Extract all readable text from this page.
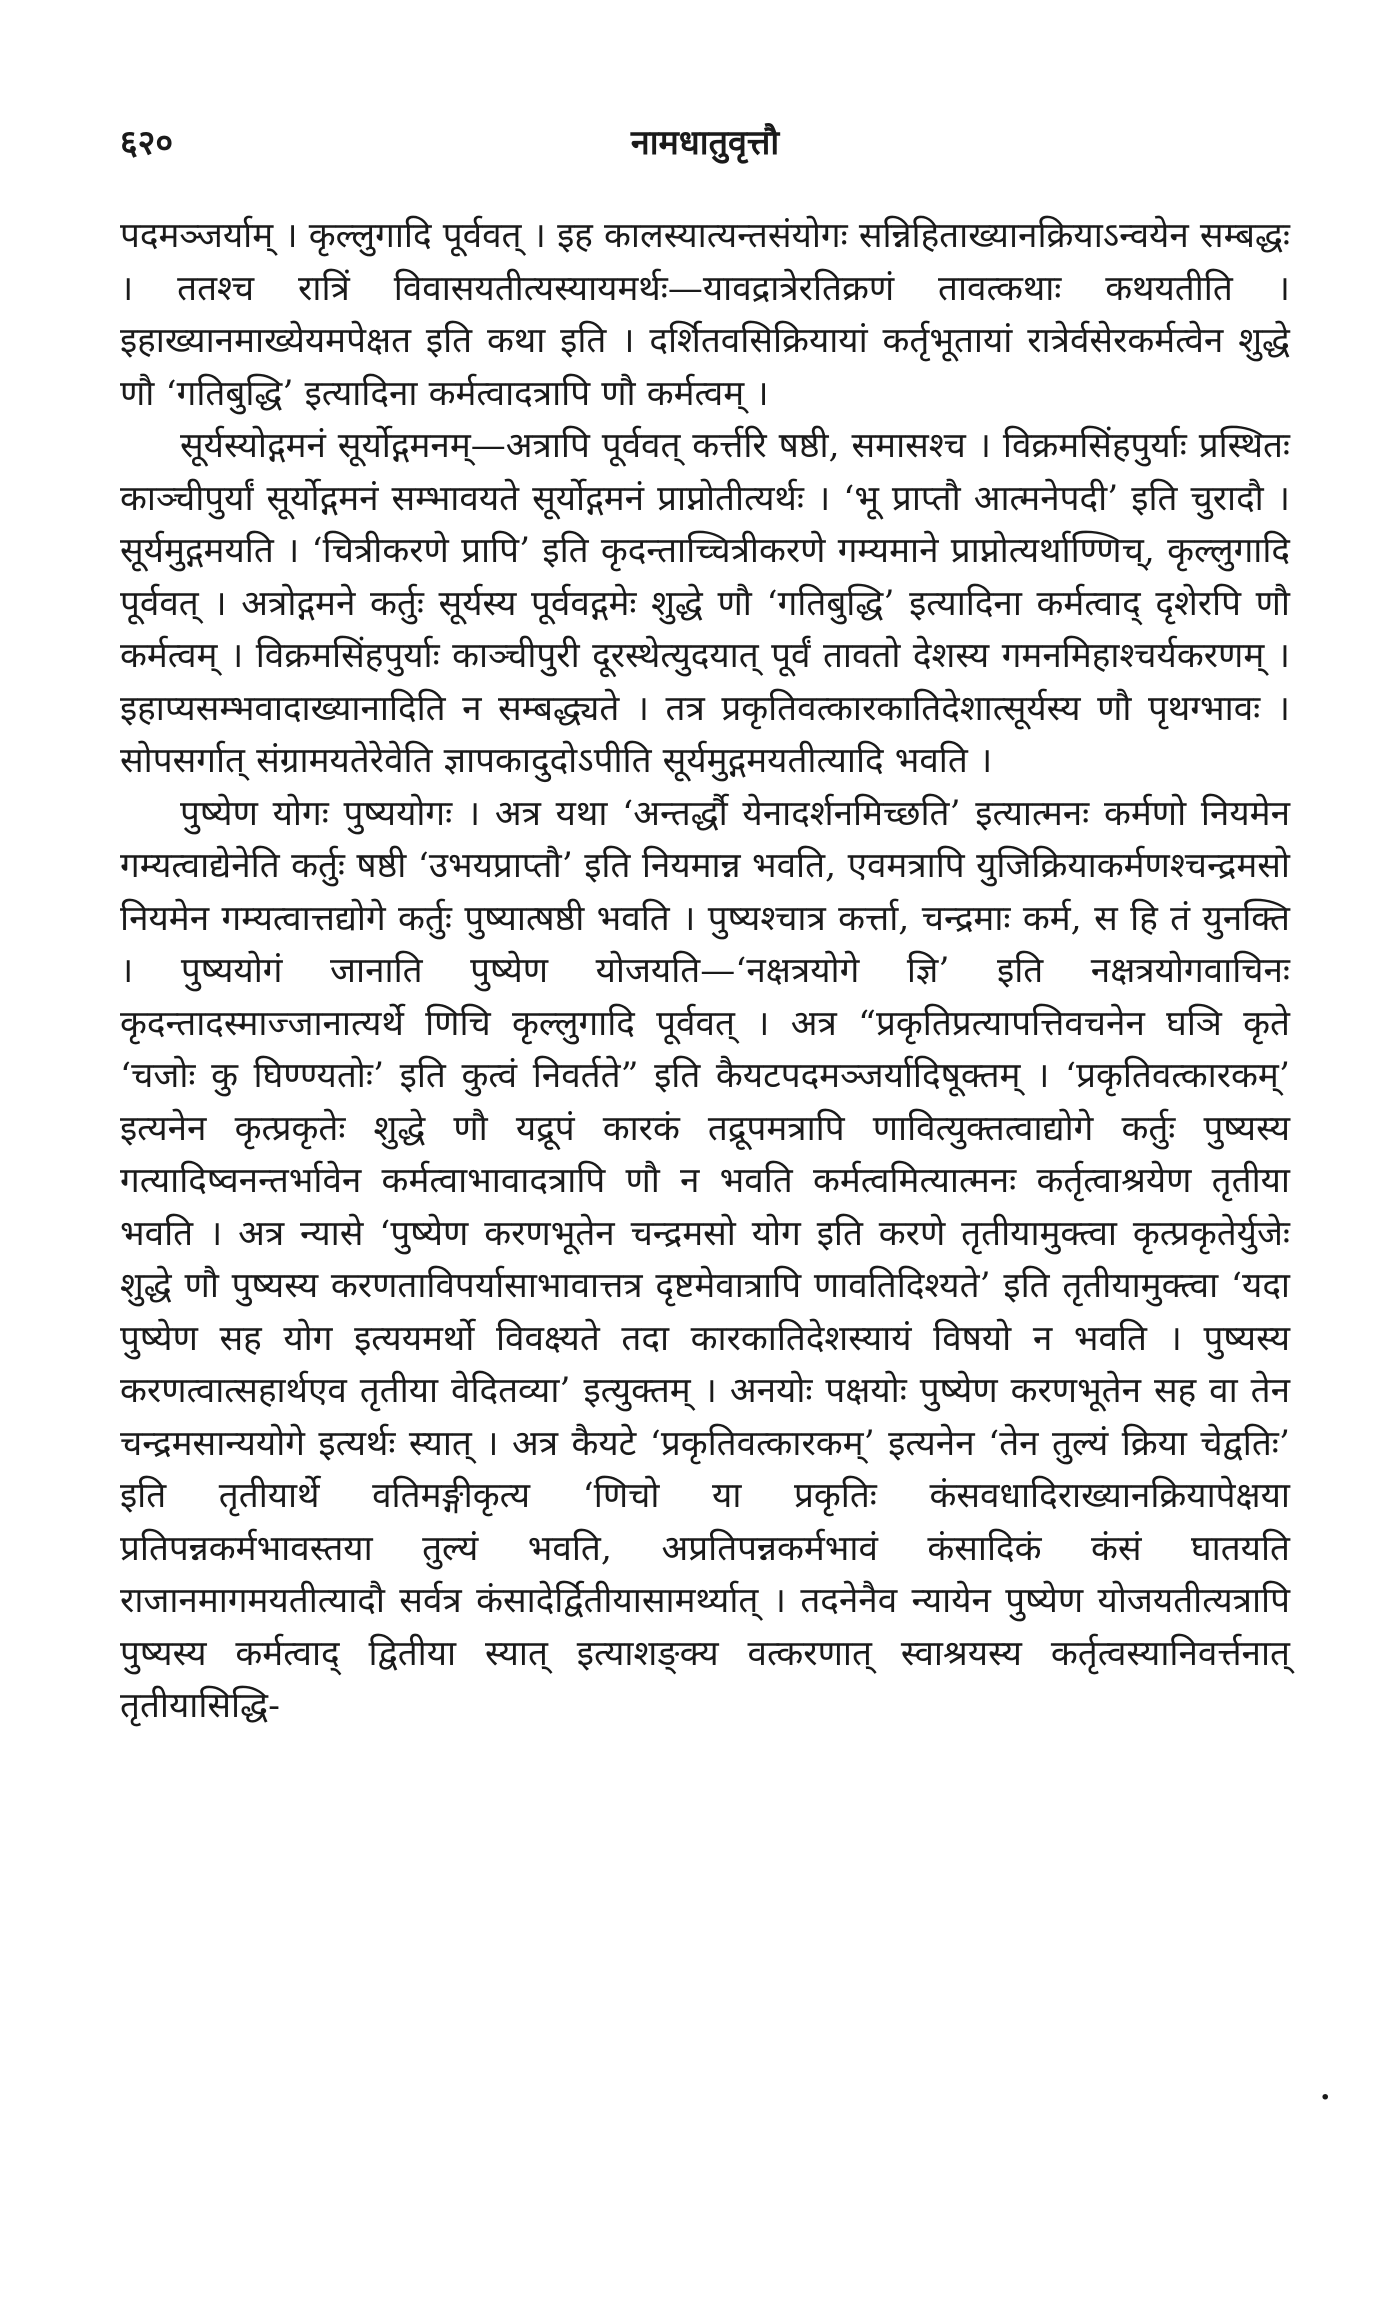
६२०	नामधातुवृत्तौ

पदमञ्जर्याम् । कृल्लुगादि पूर्ववत् । इह कालस्यात्यन्तसंयोगः सन्निहिताख्यानक्रियाऽन्वयेन सम्बद्धः । ततश्च रात्रिं विवासयतीत्यस्यायमर्थः—यावद्रात्रेरतिक्रणं तावत्कथाः कथयतीति । इहाख्यानमाख्येयमपेक्षत इति कथा इति । दर्शितवसिक्रियायां कर्तृभूतायां रात्रेर्वसेरकर्मत्वेन शुद्धे णौ ‘गतिबुद्धि’ इत्यादिना कर्मत्वादत्रापि णौ कर्मत्वम् ।

सूर्यस्योद्गमनं सूर्योद्गमनम्—अत्रापि पूर्ववत् कर्त्तरि षष्ठी, समासश्च । विक्रमसिंहपुर्याः प्रस्थितः काञ्चीपुर्यां सूर्योद्गमनं सम्भावयते सूर्योद्गमनं प्राप्नोतीत्यर्थः । ‘भू प्राप्तौ आत्मनेपदी’ इति चुरादौ । सूर्यमुद्गमयति । ‘चित्रीकरणे प्रापि’ इति कृदन्ताच्चित्रीकरणे गम्यमाने प्राप्नोत्यर्थाण्णिच्, कृल्लुगादि पूर्ववत् । अत्रोद्गमने कर्तुः सूर्यस्य पूर्ववद्गमेः शुद्धे णौ ‘गतिबुद्धि’ इत्यादिना कर्मत्वाद् दृशेरपि णौ कर्मत्वम् । विक्रमसिंहपुर्याः काञ्चीपुरी दूरस्थेत्युदयात् पूर्वं तावतो देशस्य गमनमिहाश्चर्यकरणम् । इहाप्यसम्भवादाख्यानादिति न सम्बद्ध्यते । तत्र प्रकृतिवत्कारकातिदेशात्सूर्यस्य णौ पृथग्भावः । सोपसर्गात् संग्रामयतेरेवेति ज्ञापकादुदोऽपीति सूर्यमुद्गमयतीत्यादि भवति ।

पुष्येण योगः पुष्ययोगः । अत्र यथा ‘अन्तर्द्धौ येनादर्शनमिच्छति’ इत्यात्मनः कर्मणो नियमेन गम्यत्वाद्येनेति कर्तुः षष्ठी ‘उभयप्राप्तौ’ इति नियमान्न भवति, एवमत्रापि युजिक्रियाकर्मणश्चन्द्रमसो नियमेन गम्यत्वात्तद्योगे कर्तुः पुष्यात्षष्ठी भवति । पुष्यश्चात्र कर्त्ता, चन्द्रमाः कर्म, स हि तं युनक्ति । पुष्ययोगं जानाति पुष्येण योजयति—‘नक्षत्रयोगे ज्ञि’ इति नक्षत्रयोगवाचिनः कृदन्तादस्माज्जानात्यर्थे णिचि कृल्लुगादि पूर्ववत् । अत्र “प्रकृतिप्रत्यापत्तिवचनेन घञि कृते ‘चजोः कु घिण्ण्यतोः’ इति कुत्वं निवर्तते” इति कैयटपदमञ्जर्यादिषूक्तम् । ‘प्रकृतिवत्कारकम्’ इत्यनेन कृत्प्रकृतेः शुद्धे णौ यद्रूपं कारकं तद्रूपमत्रापि णावित्युक्तत्वाद्योगे कर्तुः पुष्यस्य गत्यादिष्वनन्तर्भावेन कर्मत्वाभावादत्रापि णौ न भवति कर्मत्वमित्यात्मनः कर्तृत्वाश्रयेण तृतीया भवति । अत्र न्यासे ‘पुष्येण करणभूतेन चन्द्रमसो योग इति करणे तृतीयामुक्त्वा कृत्प्रकृतेर्युजेः शुद्धे णौ पुष्यस्य करणताविपर्यासाभावात्तत्र दृष्टमेवात्रापि णावतिदिश्यते’ इति तृतीयामुक्त्वा ‘यदा पुष्येण सह योग इत्ययमर्थो विवक्ष्यते तदा कारकातिदेशस्यायं विषयो न भवति । पुष्यस्य करणत्वात्सहार्थएव तृतीया वेदितव्या’ इत्युक्तम् । अनयोः पक्षयोः पुष्येण करणभूतेन सह वा तेन चन्द्रमसान्ययोगे इत्यर्थः स्यात् । अत्र कैयटे ‘प्रकृतिवत्कारकम्’ इत्यनेन ‘तेन तुल्यं क्रिया चेद्वतिः’ इति तृतीयार्थे वतिमङ्गीकृत्य ‘णिचो या प्रकृतिः कंसवधादिराख्यानक्रियापेक्षया प्रतिपन्नकर्मभावस्तया तुल्यं भवति, अप्रतिपन्नकर्मभावं कंसादिकं कंसं घातयति राजानमागमयतीत्यादौ सर्वत्र कंसादेर्द्वितीयासामर्थ्यात् । तदनेनैव न्यायेन पुष्येण योजयतीत्यत्रापि पुष्यस्य कर्मत्वाद् द्वितीया स्यात् इत्याशङ्क्य वत्करणात् स्वाश्रयस्य कर्तृत्वस्यानिवर्त्तनात् तृतीयासिद्धि-

·
